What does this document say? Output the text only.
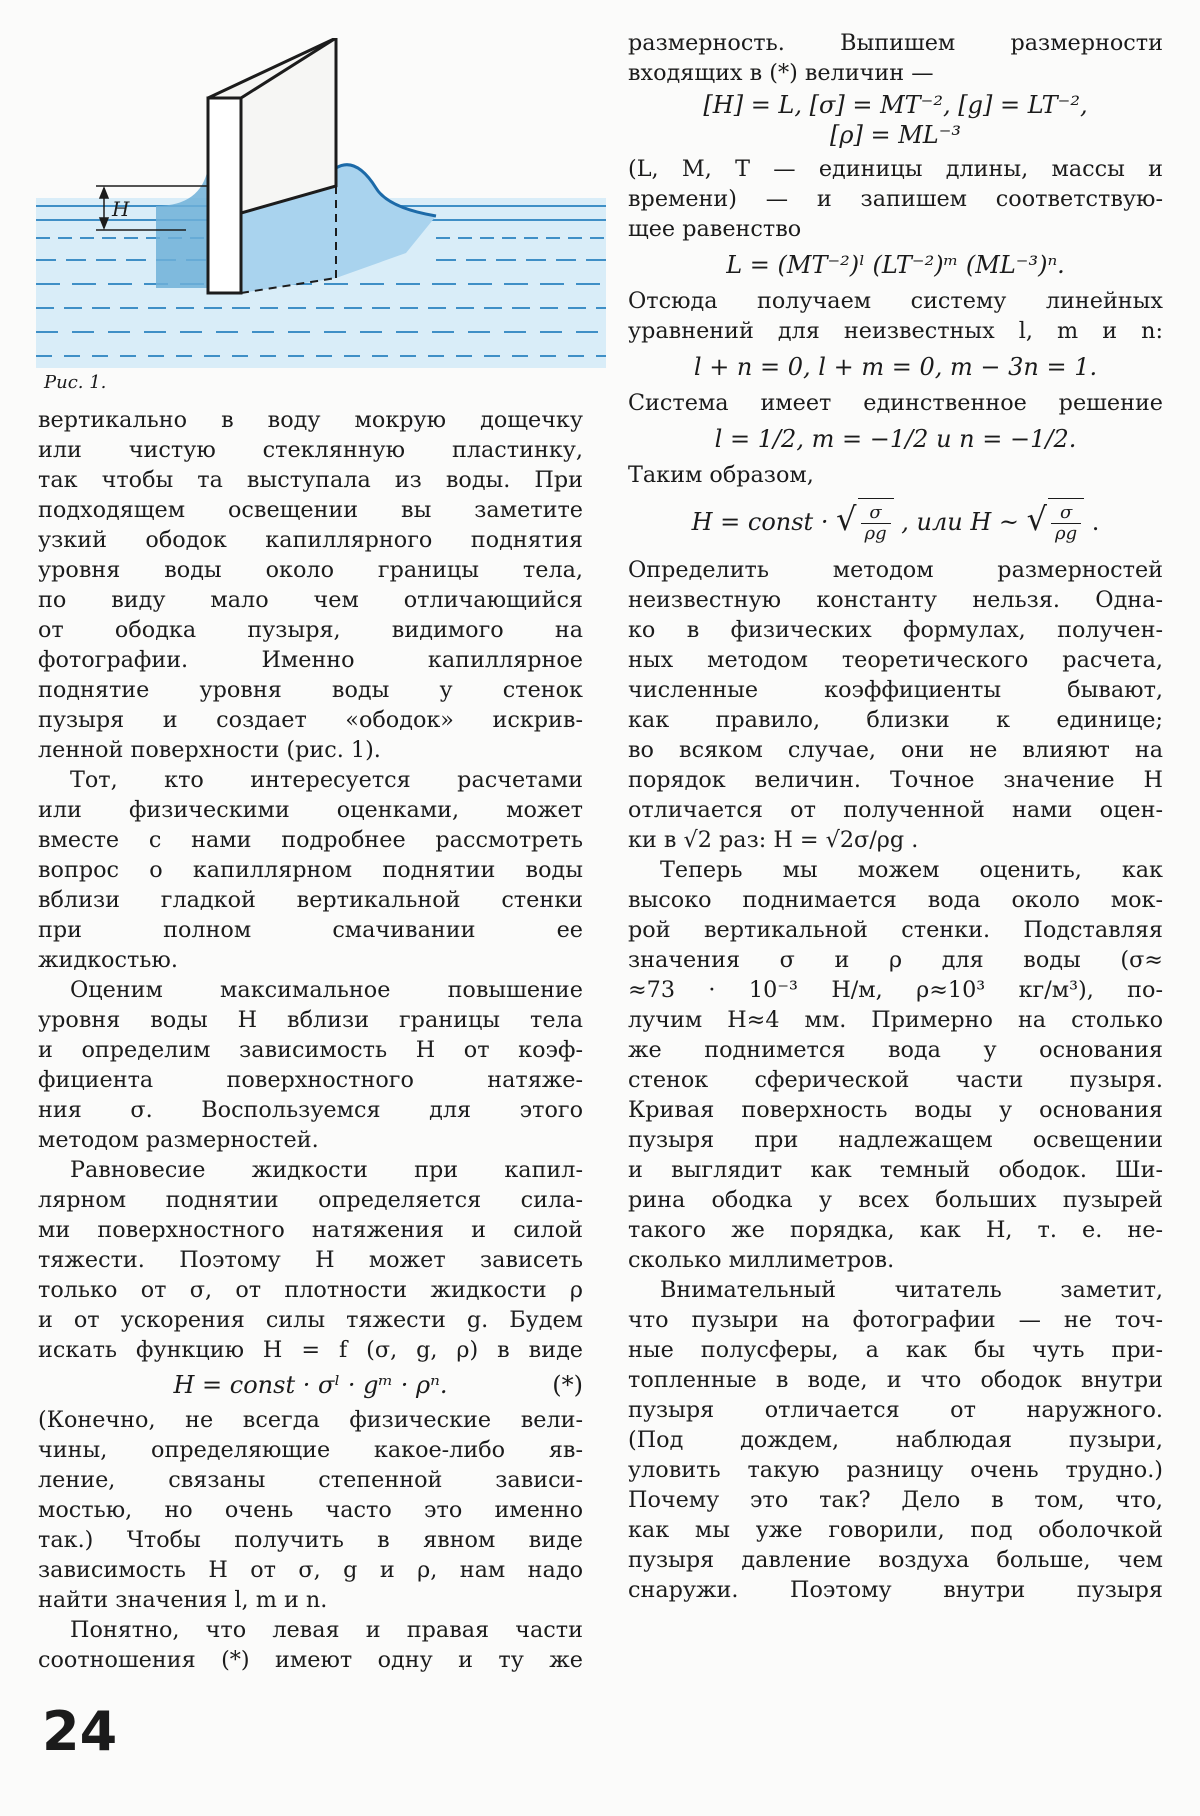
H
Рис. 1.
вертикально в воду мокрую дощечку
или чистую стеклянную пластинку,
так чтобы та выступала из воды. При
подходящем освещении вы заметите
узкий ободок капиллярного поднятия
уровня воды около границы тела,
по виду мало чем отличающийся
от ободка пузыря, видимого на
фотографии. Именно капиллярное
поднятие уровня воды у стенок
пузыря и создает «ободок» искрив-
ленной поверхности (рис. 1).
Тот, кто интересуется расчетами
или физическими оценками, может
вместе с нами подробнее рассмотреть
вопрос о капиллярном поднятии воды
вблизи гладкой вертикальной стенки
при полном смачивании ее
жидкостью.
Оценим максимальное повышение
уровня воды H вблизи границы тела
и определим зависимость H от коэф-
фициента поверхностного натяже-
ния σ. Воспользуемся для этого
методом размерностей.
Равновесие жидкости при капил-
лярном поднятии определяется сила-
ми поверхностного натяжения и силой
тяжести. Поэтому H может зависеть
только от σ, от плотности жидкости ρ
и от ускорения силы тяжести g. Будем
искать функцию H = f (σ, g, ρ) в виде
H = const · σˡ · gᵐ · ρⁿ.	(*)
(Конечно, не всегда физические вели-
чины, определяющие какое-либо яв-
ление, связаны степенной зависи-
мостью, но очень часто это именно
так.) Чтобы получить в явном виде
зависимость H от σ, g и ρ, нам надо
найти значения l, m и n.
Понятно, что левая и правая части
соотношения (*) имеют одну и ту же
размерность. Выпишем размерности
входящих в (*) величин —
[H] = L, [σ] = MT⁻², [g] = LT⁻²,
[ρ] = ML⁻³
(L, M, T — единицы длины, массы и
времени) — и запишем соответствую-
щее равенство
L = (MT⁻²)ˡ (LT⁻²)ᵐ (ML⁻³)ⁿ.
Отсюда получаем систему линейных
уравнений для неизвестных l, m и n:
l + n = 0, l + m = 0, m − 3n = 1.
Система имеет единственное решение
l = 1/2, m = −1/2 и n = −1/2.
Таким образом,
H = const · √ $\frac{\sigma}{\rho g}$ , или H ~ √ $\frac{\sigma}{\rho g}$ .
Определить методом размерностей
неизвестную константу нельзя. Одна-
ко в физических формулах, получен-
ных методом теоретического расчета,
численные коэффициенты бывают,
как правило, близки к единице;
во всяком случае, они не влияют на
порядок величин. Точное значение H
отличается от полученной нами оцен-
ки в √2 раз: H = √2σ/ρg .
Теперь мы можем оценить, как
высоко поднимается вода около мок-
рой вертикальной стенки. Подставляя
значения σ и ρ для воды (σ≈
≈73 · 10⁻³ Н/м, ρ≈10³ кг/м³), по-
лучим H≈4 мм. Примерно на столько
же поднимется вода у основания
стенок сферической части пузыря.
Кривая поверхность воды у основания
пузыря при надлежащем освещении
и выглядит как темный ободок. Ши-
рина ободка у всех больших пузырей
такого же порядка, как H, т. е. не-
сколько миллиметров.
Внимательный читатель заметит,
что пузыри на фотографии — не точ-
ные полусферы, а как бы чуть при-
топленные в воде, и что ободок внутри
пузыря отличается от наружного.
(Под дождем, наблюдая пузыри,
уловить такую разницу очень трудно.)
Почему это так? Дело в том, что,
как мы уже говорили, под оболочкой
пузыря давление воздуха больше, чем
снаружи. Поэтому внутри пузыря
24
